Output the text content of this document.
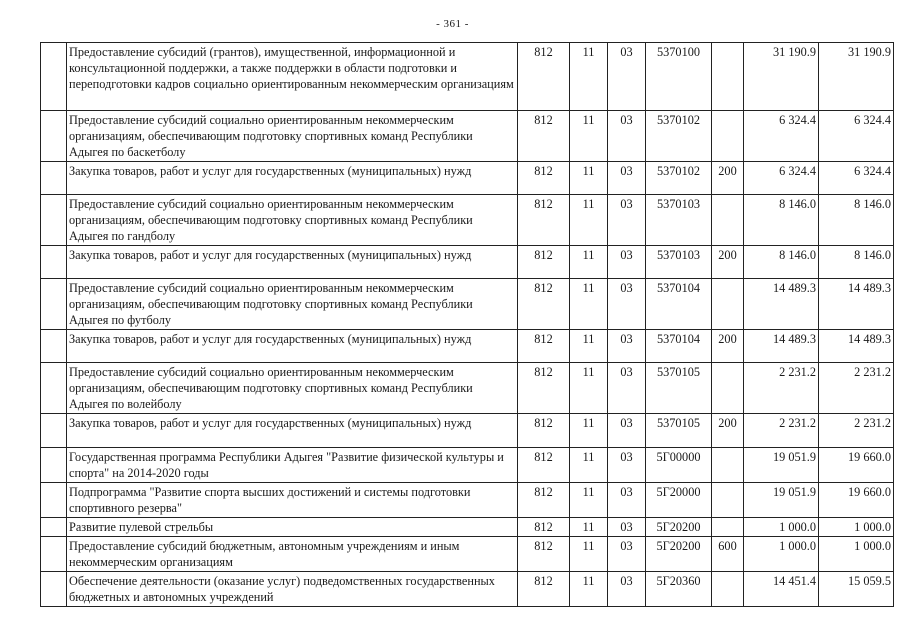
- 361 -
	Предоставление субсидий (грантов), имущественной, информационной и консультационной поддержки, а также поддержки в области подготовки и переподготовки кадров социально ориентированным некоммерческим организациям	812	11	03	5370100		31 190.9	31 190.9
	Предоставление субсидий социально ориентированным некоммерческим организациям, обеспечивающим подготовку спортивных команд Республики Адыгея по баскетболу	812	11	03	5370102		6 324.4	6 324.4
	Закупка товаров, работ и услуг для государственных (муниципальных) нужд	812	11	03	5370102	200	6 324.4	6 324.4
	Предоставление субсидий социально ориентированным некоммерческим организациям, обеспечивающим подготовку спортивных команд Республики Адыгея по гандболу	812	11	03	5370103		8 146.0	8 146.0
	Закупка товаров, работ и услуг для государственных (муниципальных) нужд	812	11	03	5370103	200	8 146.0	8 146.0
	Предоставление субсидий социально ориентированным некоммерческим организациям, обеспечивающим подготовку спортивных команд Республики Адыгея по футболу	812	11	03	5370104		14 489.3	14 489.3
	Закупка товаров, работ и услуг для государственных (муниципальных) нужд	812	11	03	5370104	200	14 489.3	14 489.3
	Предоставление субсидий социально ориентированным некоммерческим организациям, обеспечивающим подготовку спортивных команд Республики Адыгея по волейболу	812	11	03	5370105		2 231.2	2 231.2
	Закупка товаров, работ и услуг для государственных (муниципальных) нужд	812	11	03	5370105	200	2 231.2	2 231.2
	Государственная программа Республики Адыгея "Развитие физической культуры и спорта" на 2014-2020 годы	812	11	03	5Г00000		19 051.9	19 660.0
	Подпрограмма "Развитие спорта высших достижений и системы подготовки спортивного резерва"	812	11	03	5Г20000		19 051.9	19 660.0
	Развитие пулевой стрельбы	812	11	03	5Г20200		1 000.0	1 000.0
	Предоставление субсидий бюджетным, автономным учреждениям и иным некоммерческим организациям	812	11	03	5Г20200	600	1 000.0	1 000.0
	Обеспечение деятельности (оказание услуг) подведомственных государственных бюджетных и автономных учреждений	812	11	03	5Г20360		14 451.4	15 059.5
